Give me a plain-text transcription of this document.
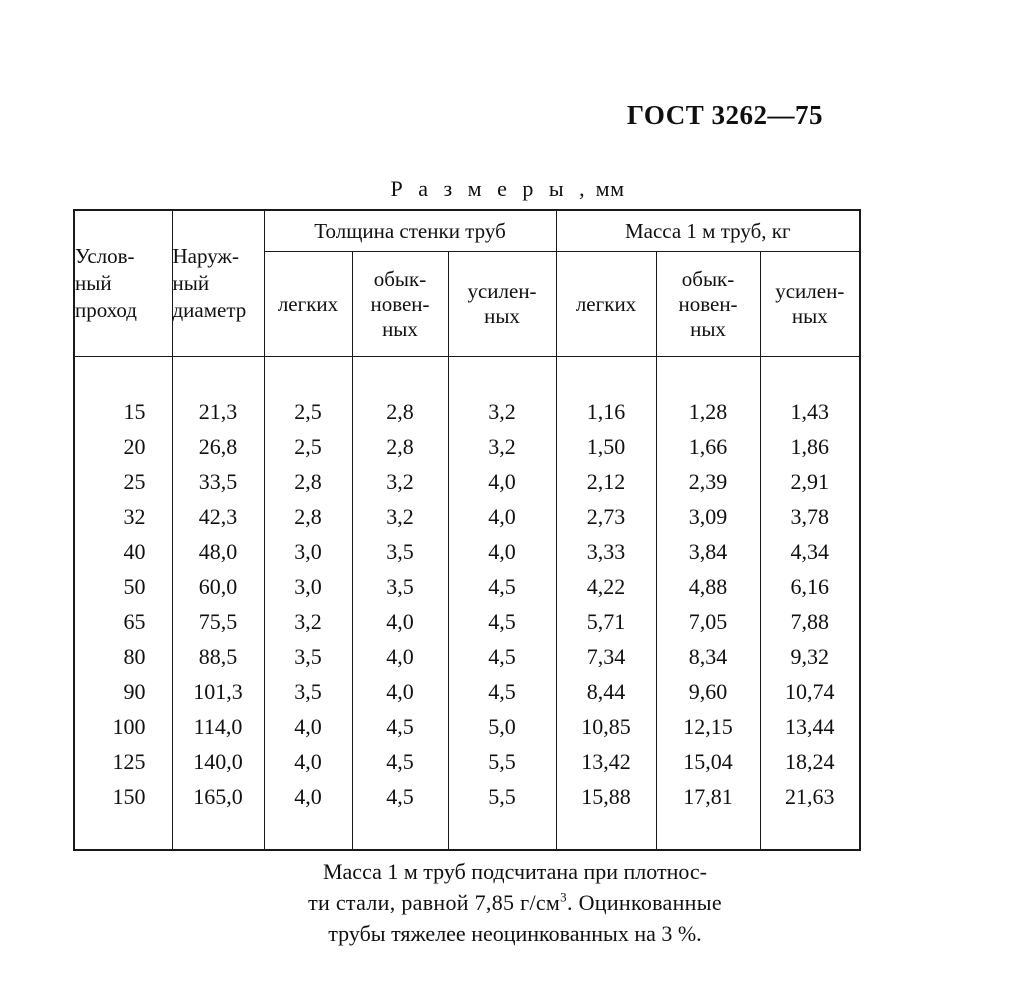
ГОСТ 3262—75
Р а з м е р ы , мм
Услов-
ный
проход	Наруж-
ный
диаметр	Толщина стенки труб			Масса 1 м труб, кг		
		легких	обык-
новен-
ных	усилен-
ных	легких	обык-
новен-
ных	усилен-
ных

15	21,3	2,5	2,8	3,2	1,16	1,28	1,43
20	26,8	2,5	2,8	3,2	1,50	1,66	1,86
25	33,5	2,8	3,2	4,0	2,12	2,39	2,91
32	42,3	2,8	3,2	4,0	2,73	3,09	3,78
40	48,0	3,0	3,5	4,0	3,33	3,84	4,34
50	60,0	3,0	3,5	4,5	4,22	4,88	6,16
65	75,5	3,2	4,0	4,5	5,71	7,05	7,88
80	88,5	3,5	4,0	4,5	7,34	8,34	9,32
90	101,3	3,5	4,0	4,5	8,44	9,60	10,74
100	114,0	4,0	4,5	5,0	10,85	12,15	13,44
125	140,0	4,0	4,5	5,5	13,42	15,04	18,24
150	165,0	4,0	4,5	5,5	15,88	17,81	21,63

Масса 1 м труб подсчитана при плотнос-
ти стали, равной 7,85 $г/см^3$. Оцинкованные
трубы тяжелее неоцинкованных на 3 %.
